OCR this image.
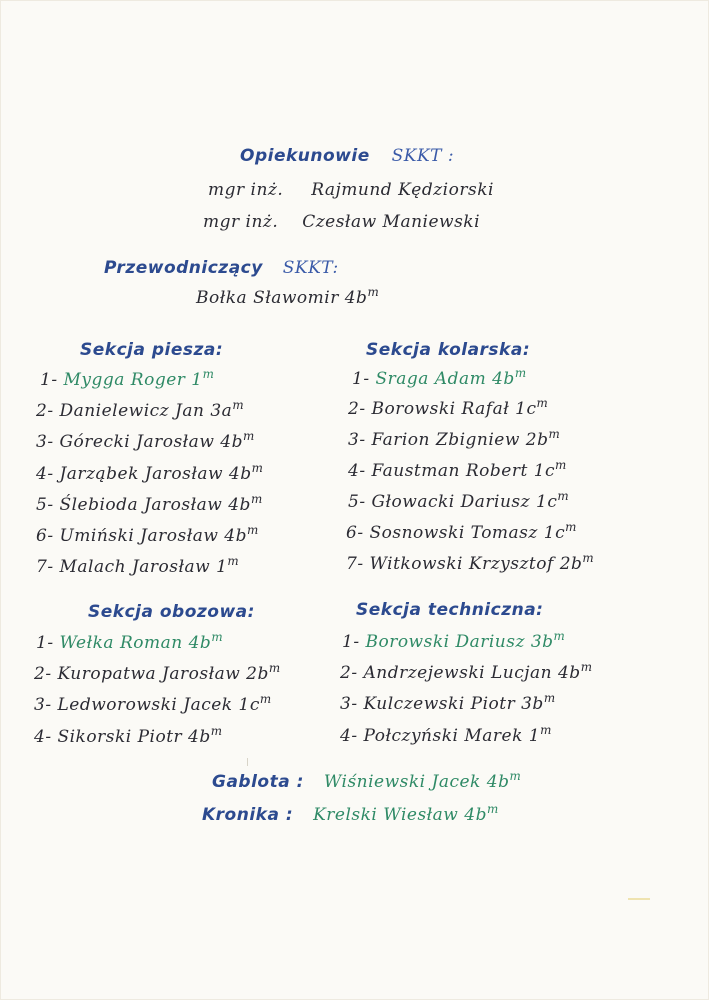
Opiekunowie SKKT :
mgr inż. Rajmund Kędziorski
mgr inż. Czesław Maniewski
Przewodniczący SKKT:
Bołka Sławomir $4b^m$
Sekcja piesza:
1- Mygga Roger 1$^m$
2- Danielewicz Jan $3a^m$
3- Górecki Jarosław $4b^m$
4- Jarząbek Jarosław $4b^m$
5- Ślebioda Jarosław $4b^m$
6- Umiński Jarosław $4b^m$
7- Malach Jarosław 1$^m$
Sekcja kolarska:
1- Sraga Adam $4b^m$
2- Borowski Rafał $1c^m$
3- Farion Zbigniew $2b^m$
4- Faustman Robert $1c^m$
5- Głowacki Dariusz $1c^m$
6- Sosnowski Tomasz $1c^m$
7- Witkowski Krzysztof $2b^m$
Sekcja obozowa:
1- Wełka Roman $4b^m$
2- Kuropatwa Jarosław $2b^m$
3- Ledworowski Jacek $1c^m$
4- Sikorski Piotr $4b^m$
Sekcja techniczna:
1- Borowski Dariusz $3b^m$
2- Andrzejewski Lucjan $4b^m$
3- Kulczewski Piotr $3b^m$
4- Połczyński Marek 1$^m$
Gablota : Wiśniewski Jacek $4b^m$
Kronika : Krelski Wiesław $4b^m$
